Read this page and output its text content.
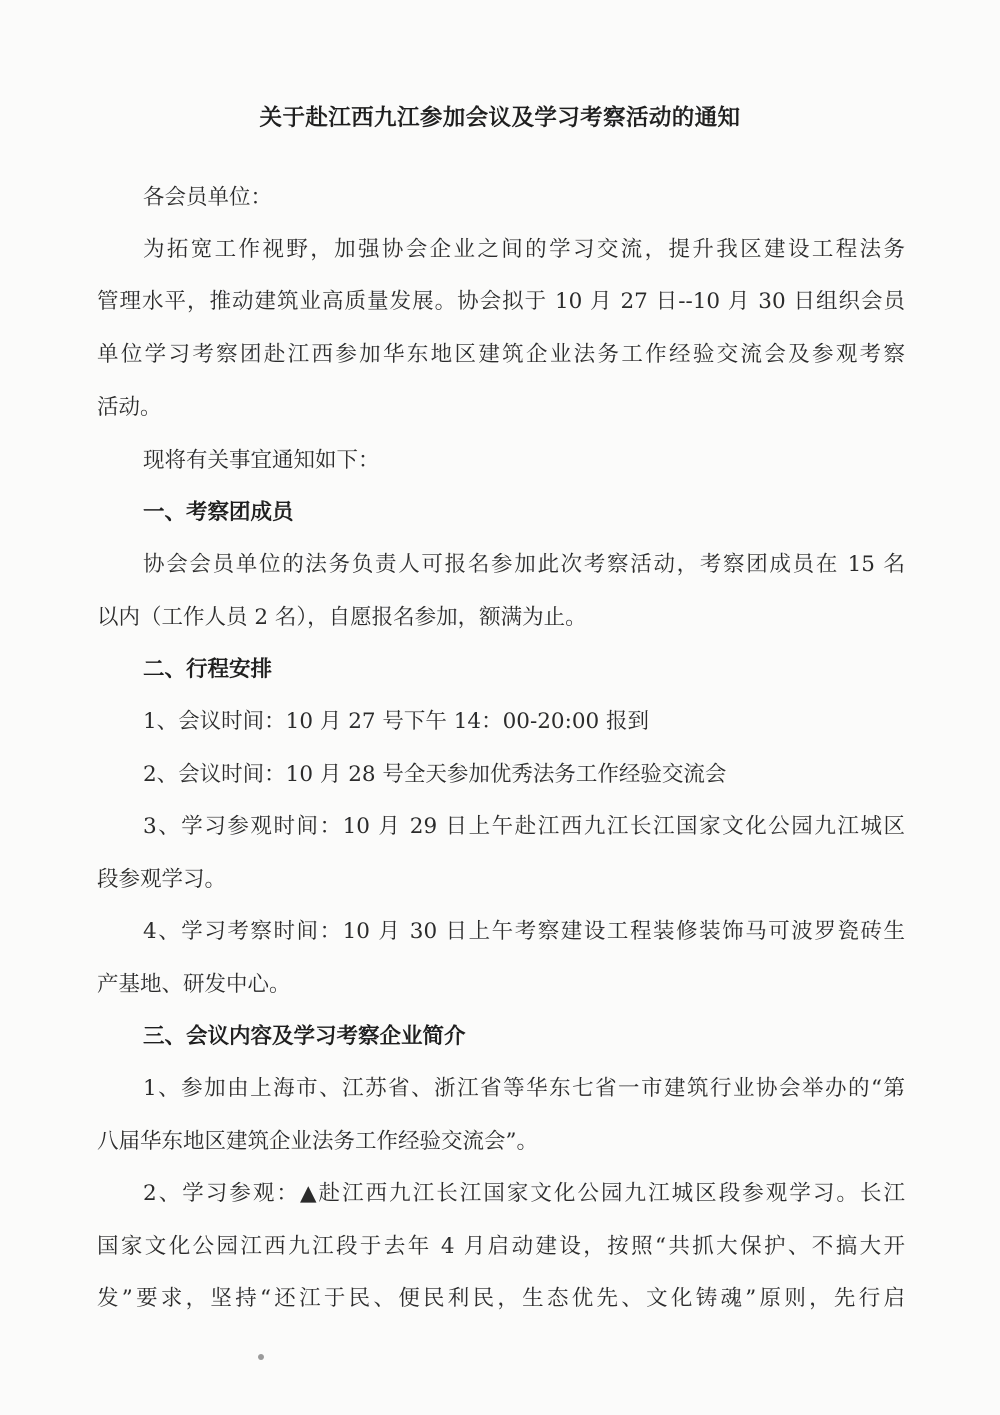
关于赴江西九江参加会议及学习考察活动的通知
各会员单位：
为拓宽工作视野，加强协会企业之间的学习交流，提升我区建设工程法务
管理水平，推动建筑业高质量发展。协会拟于 10 月 27 日--10 月 30 日组织会员
单位学习考察团赴江西参加华东地区建筑企业法务工作经验交流会及参观考察
活动。
现将有关事宜通知如下：
一、考察团成员
协会会员单位的法务负责人可报名参加此次考察活动，考察团成员在 15 名
以内（工作人员 2 名），自愿报名参加，额满为止。
二、行程安排
1、会议时间：10 月 27 号下午 14：00-20:00 报到
2、会议时间：10 月 28 号全天参加优秀法务工作经验交流会
3、学习参观时间：10 月 29 日上午赴江西九江长江国家文化公园九江城区
段参观学习。
4、学习考察时间：10 月 30 日上午考察建设工程装修装饰马可波罗瓷砖生
产基地、研发中心。
三、会议内容及学习考察企业简介
1、参加由上海市、江苏省、浙江省等华东七省一市建筑行业协会举办的“第
八届华东地区建筑企业法务工作经验交流会”。
2、学习参观：▲赴江西九江长江国家文化公园九江城区段参观学习。长江
国家文化公园江西九江段于去年 4 月启动建设，按照“共抓大保护、不搞大开
发”要求，坚持“还江于民、便民利民，生态优先、文化铸魂”原则，先行启
